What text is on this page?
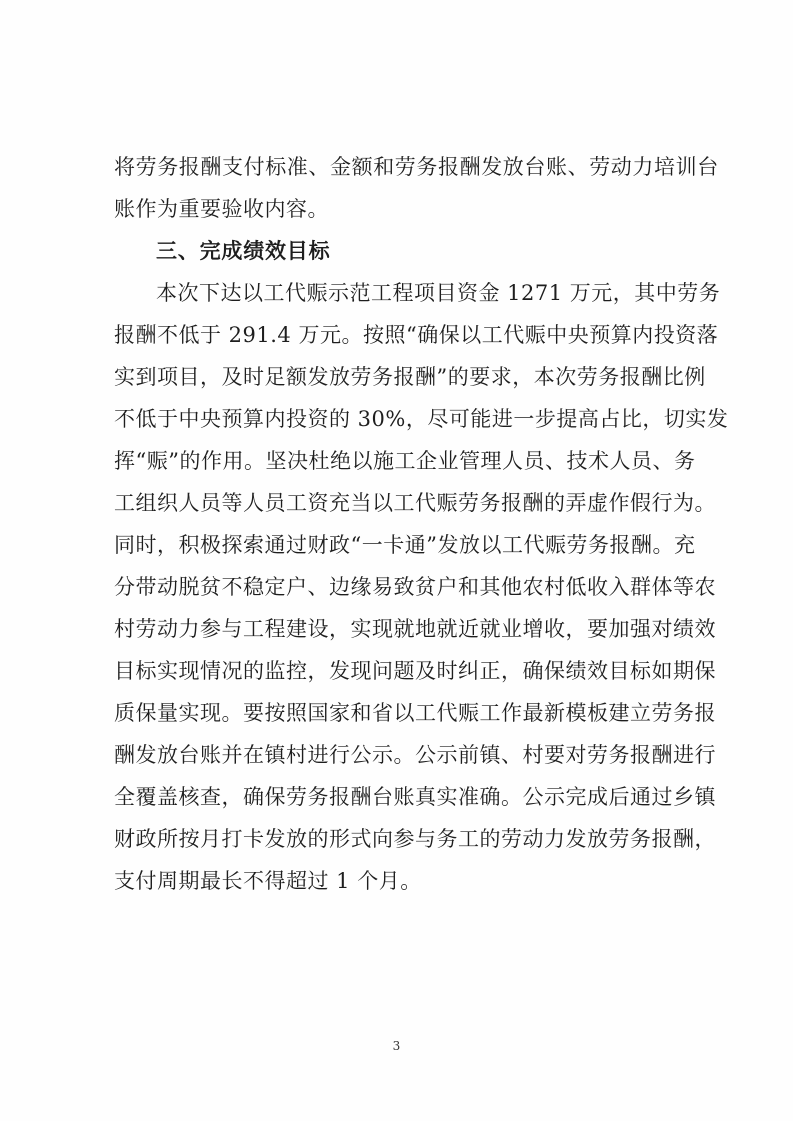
将劳务报酬支付标准、金额和劳务报酬发放台账、劳动力培训台
账作为重要验收内容。
三、完成绩效目标
本次下达以工代赈示范工程项目资金 1271 万元，其中劳务
报酬不低于 291.4 万元。按照“确保以工代赈中央预算内投资落
实到项目，及时足额发放劳务报酬”的要求，本次劳务报酬比例
不低于中央预算内投资的 30%，尽可能进一步提高占比，切实发
挥“赈”的作用。坚决杜绝以施工企业管理人员、技术人员、务
工组织人员等人员工资充当以工代赈劳务报酬的弄虚作假行为。
同时，积极探索通过财政“一卡通”发放以工代赈劳务报酬。充
分带动脱贫不稳定户、边缘易致贫户和其他农村低收入群体等农
村劳动力参与工程建设，实现就地就近就业增收，要加强对绩效
目标实现情况的监控，发现问题及时纠正，确保绩效目标如期保
质保量实现。要按照国家和省以工代赈工作最新模板建立劳务报
酬发放台账并在镇村进行公示。公示前镇、村要对劳务报酬进行
全覆盖核查，确保劳务报酬台账真实准确。公示完成后通过乡镇
财政所按月打卡发放的形式向参与务工的劳动力发放劳务报酬，
支付周期最长不得超过 1 个月。
3
